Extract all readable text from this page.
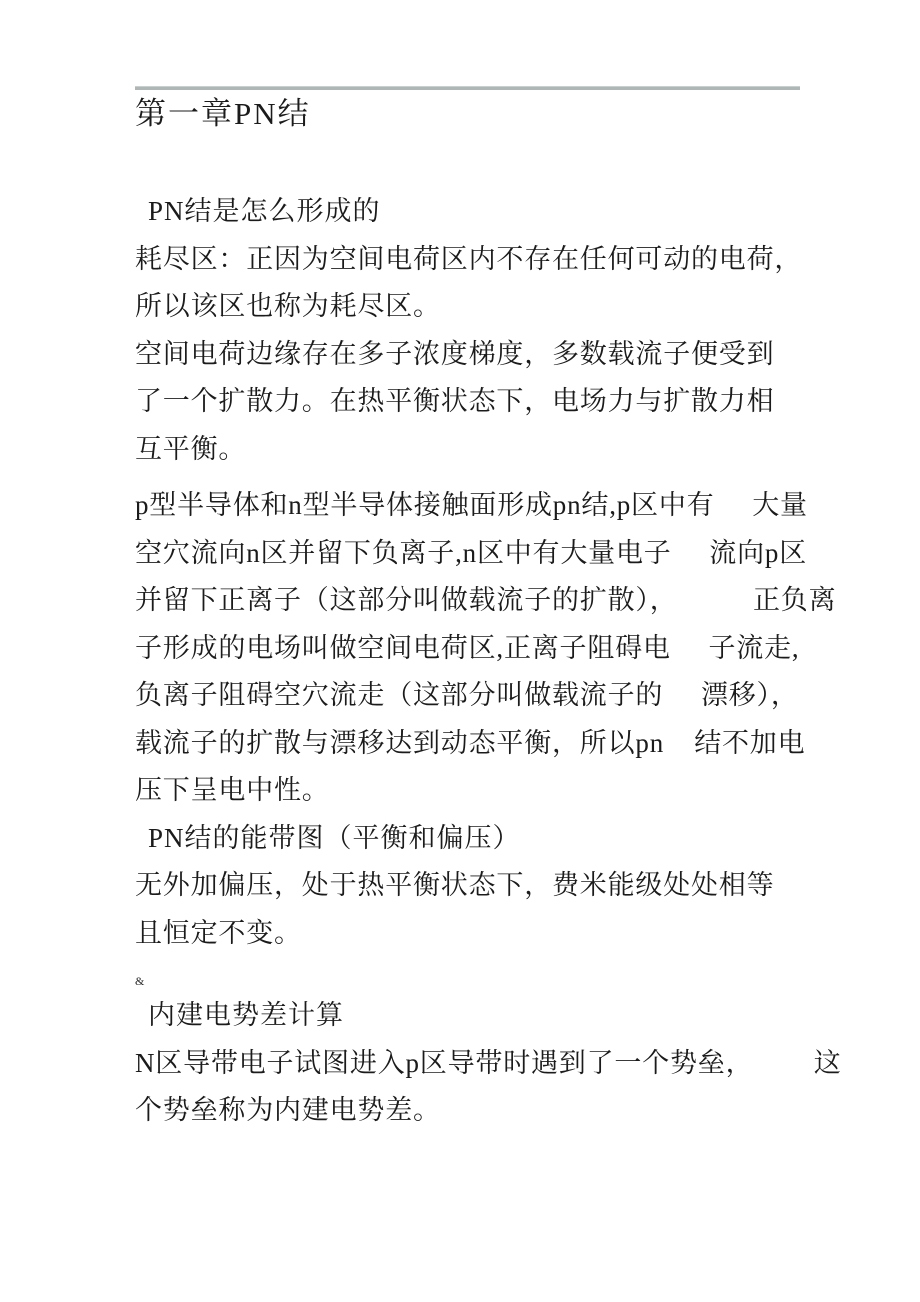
第一章PN结
PN结是怎么形成的
耗尽区：正因为空间电荷区内不存在任何可动的电荷，
所以该区也称为耗尽区。
空间电荷边缘存在多子浓度梯度，多数载流子便受到
了一个扩散力。在热平衡状态下，电场力与扩散力相
互平衡。
p型半导体和n型半导体接触面形成pn结,p区中有     大量
空穴流向n区并留下负离子,n区中有大量电子     流向p区
并留下正离子（这部分叫做载流子的扩散），          正负离
子形成的电场叫做空间电荷区,正离子阻碍电     子流走,
负离子阻碍空穴流走（这部分叫做载流子的     漂移），
载流子的扩散与漂移达到动态平衡，所以pn    结不加电
压下呈电中性。
PN结的能带图（平衡和偏压）
无外加偏压，处于热平衡状态下，费米能级处处相等
且恒定不变。
&
内建电势差计算
N区导带电子试图进入p区导带时遇到了一个势垒，        这
个势垒称为内建电势差。
